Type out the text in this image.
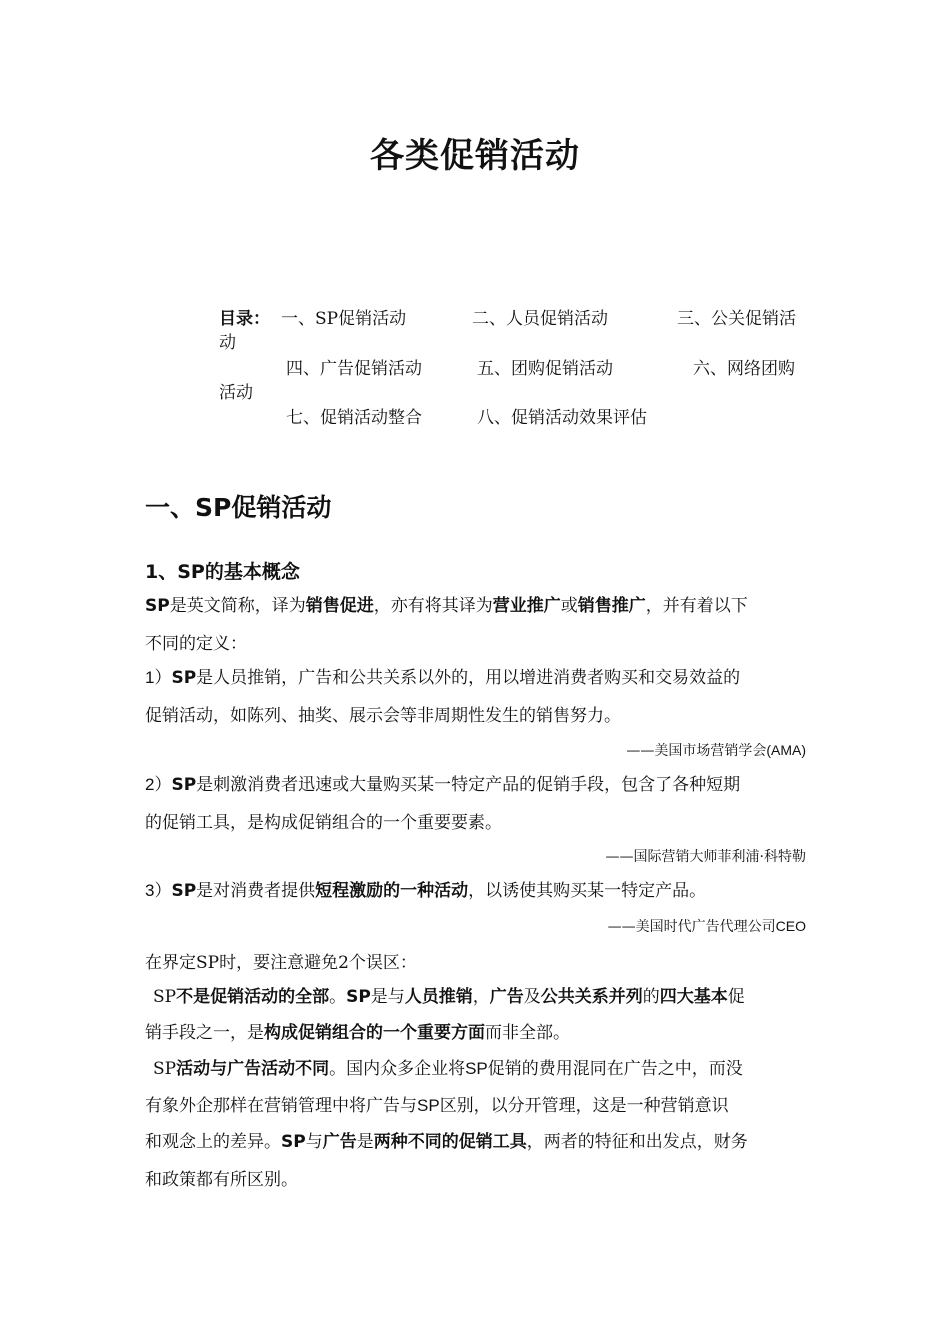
各类促销活动
目录： 一、SP促销活动	二、人员促销活动	三、公关促销活
动
四、广告促销活动	五、团购促销活动	六、网络团购
活动
七、促销活动整合	八、促销活动效果评估
一、SP促销活动
1、SP的基本概念
SP是英文简称，译为销售促进，亦有将其译为营业推广或销售推广，并有着以下
不同的定义：
1）SP是人员推销，广告和公共关系以外的，用以增进消费者购买和交易效益的
促销活动，如陈列、抽奖、展示会等非周期性发生的销售努力。
——美国市场营销学会(AMA)
2）SP是刺激消费者迅速或大量购买某一特定产品的促销手段，包含了各种短期
的促销工具，是构成促销组合的一个重要要素。
——国际营销大师菲利浦·科特勒
3）SP是对消费者提供短程激励的一种活动，以诱使其购买某一特定产品。
——美国时代广告代理公司CEO
在界定SP时，要注意避免2个误区：
SP不是促销活动的全部。SP是与人员推销，广告及公共关系并列的四大基本促
销手段之一，是构成促销组合的一个重要方面而非全部。
SP活动与广告活动不同。国内众多企业将SP促销的费用混同在广告之中，而没
有象外企那样在营销管理中将广告与SP区别，以分开管理，这是一种营销意识
和观念上的差异。SP与广告是两种不同的促销工具，两者的特征和出发点，财务
和政策都有所区别。
